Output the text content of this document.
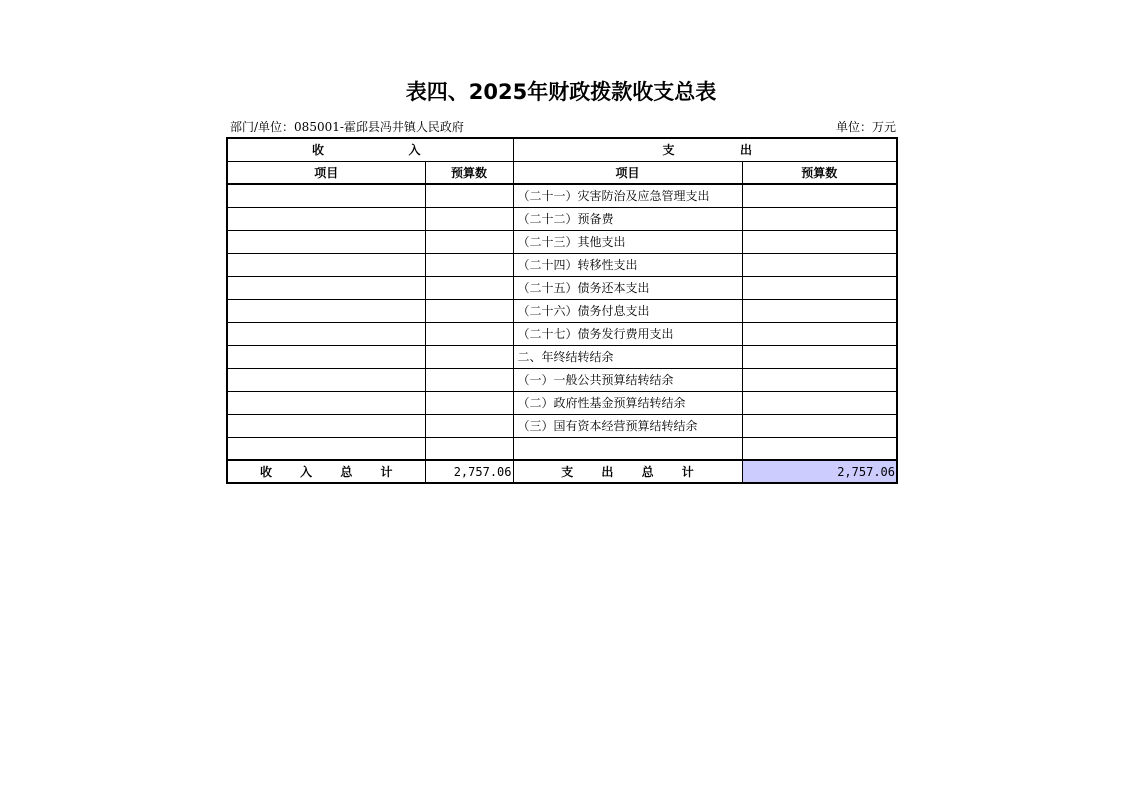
表四、2025年财政拨款收支总表
部门/单位：085001-霍邱县冯井镇人民政府	单位：万元
收 入		支 出	

项目	预算数	项目	预算数
		（二十一）灾害防治及应急管理支出	
		（二十二）预备费	
		（二十三）其他支出	
		（二十四）转移性支出	
		（二十五）债务还本支出	
		（二十六）债务付息支出	
		（二十七）债务发行费用支出	
		二、年终结转结余	
		（一）一般公共预算结转结余	
		（二）政府性基金预算结转结余	
		（三）国有资本经营预算结转结余	

收 入 总 计	2,757.06	支 出 总 计	2,757.06
